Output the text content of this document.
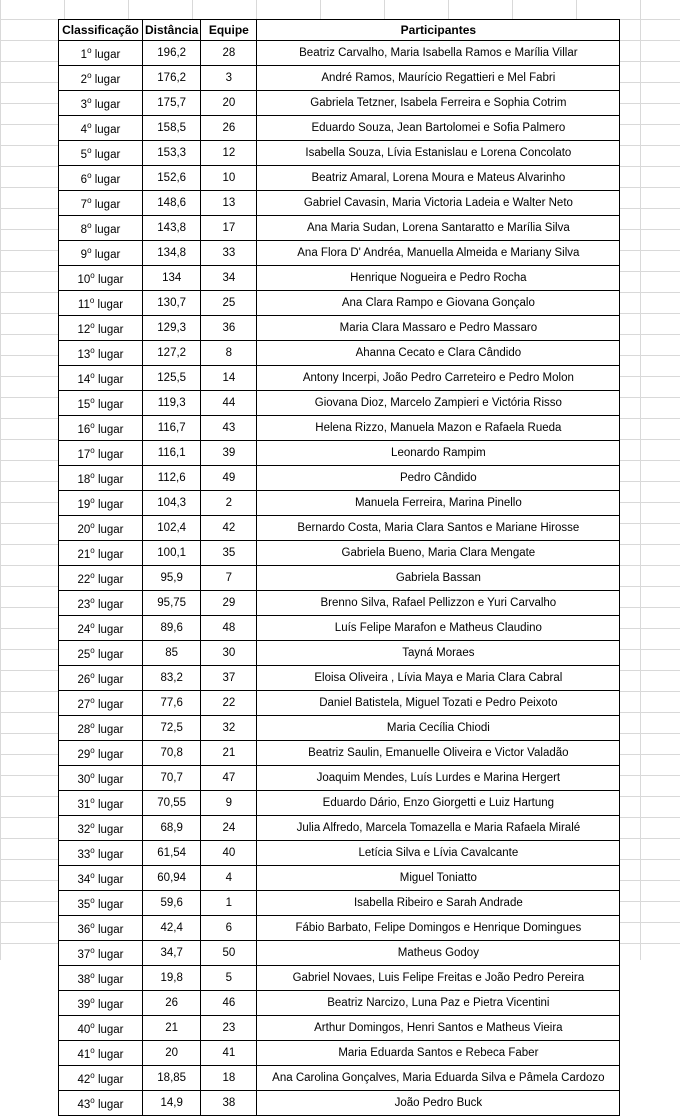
Classificação	Distância	Equipe	Participantes
1$^o$ lugar	196,2	28	Beatriz Carvalho, Maria Isabella Ramos e Marília Villar
2$^o$ lugar	176,2	3	André Ramos, Maurício Regattieri e Mel Fabri
3$^o$ lugar	175,7	20	Gabriela Tetzner, Isabela Ferreira e Sophia Cotrim
4$^o$ lugar	158,5	26	Eduardo Souza, Jean Bartolomei e Sofia Palmero
5$^o$ lugar	153,3	12	Isabella Souza, Lívia Estanislau e Lorena Concolato
6$^o$ lugar	152,6	10	Beatriz Amaral, Lorena Moura e Mateus Alvarinho
7$^o$ lugar	148,6	13	Gabriel Cavasin, Maria Victoria Ladeia e Walter Neto
8$^o$ lugar	143,8	17	Ana Maria Sudan, Lorena Santaratto e Marília Silva
9$^o$ lugar	134,8	33	Ana Flora D' Andréa, Manuella Almeida e Mariany Silva
10$^o$ lugar	134	34	Henrique Nogueira e Pedro Rocha
11$^o$ lugar	130,7	25	Ana Clara Rampo e Giovana Gonçalo
12$^o$ lugar	129,3	36	Maria Clara Massaro e Pedro Massaro
13$^o$ lugar	127,2	8	Ahanna Cecato e Clara Cândido
14$^o$ lugar	125,5	14	Antony Incerpi, João Pedro Carreteiro e Pedro Molon
15$^o$ lugar	119,3	44	Giovana Dioz, Marcelo Zampieri e Victória Risso
16$^o$ lugar	116,7	43	Helena Rizzo, Manuela Mazon e Rafaela Rueda
17$^o$ lugar	116,1	39	Leonardo Rampim
18$^o$ lugar	112,6	49	Pedro Cândido
19$^o$ lugar	104,3	2	Manuela Ferreira, Marina Pinello
20$^o$ lugar	102,4	42	Bernardo Costa, Maria Clara Santos e Mariane Hirosse
21$^o$ lugar	100,1	35	Gabriela Bueno, Maria Clara Mengate
22$^o$ lugar	95,9	7	Gabriela Bassan
23$^o$ lugar	95,75	29	Brenno Silva, Rafael Pellizzon e Yuri Carvalho
24$^o$ lugar	89,6	48	Luís Felipe Marafon e Matheus Claudino
25$^o$ lugar	85	30	Tayná Moraes
26$^o$ lugar	83,2	37	Eloisa Oliveira , Lívia Maya e Maria Clara Cabral
27$^o$ lugar	77,6	22	Daniel Batistela, Miguel Tozati e Pedro Peixoto
28$^o$ lugar	72,5	32	Maria Cecília Chiodi
29$^o$ lugar	70,8	21	Beatriz Saulin, Emanuelle Oliveira e Victor Valadão
30$^o$ lugar	70,7	47	Joaquim Mendes, Luís Lurdes e Marina Hergert
31$^o$ lugar	70,55	9	Eduardo Dário, Enzo Giorgetti e Luiz Hartung
32$^o$ lugar	68,9	24	Julia Alfredo, Marcela Tomazella e Maria Rafaela Miralé
33$^o$ lugar	61,54	40	Letícia Silva e Lívia Cavalcante
34$^o$ lugar	60,94	4	Miguel Toniatto
35$^o$ lugar	59,6	1	Isabella Ribeiro e Sarah Andrade
36$^o$ lugar	42,4	6	Fábio Barbato, Felipe Domingos e Henrique Domingues
37$^o$ lugar	34,7	50	Matheus Godoy
38$^o$ lugar	19,8	5	Gabriel Novaes, Luis Felipe Freitas e João Pedro Pereira
39$^o$ lugar	26	46	Beatriz Narcizo, Luna Paz e Pietra Vicentini
40$^o$ lugar	21	23	Arthur Domingos, Henri Santos e Matheus Vieira
41$^o$ lugar	20	41	Maria Eduarda Santos e Rebeca Faber
42$^o$ lugar	18,85	18	Ana Carolina Gonçalves, Maria Eduarda Silva e Pâmela Cardozo
43$^o$ lugar	14,9	38	João Pedro Buck
